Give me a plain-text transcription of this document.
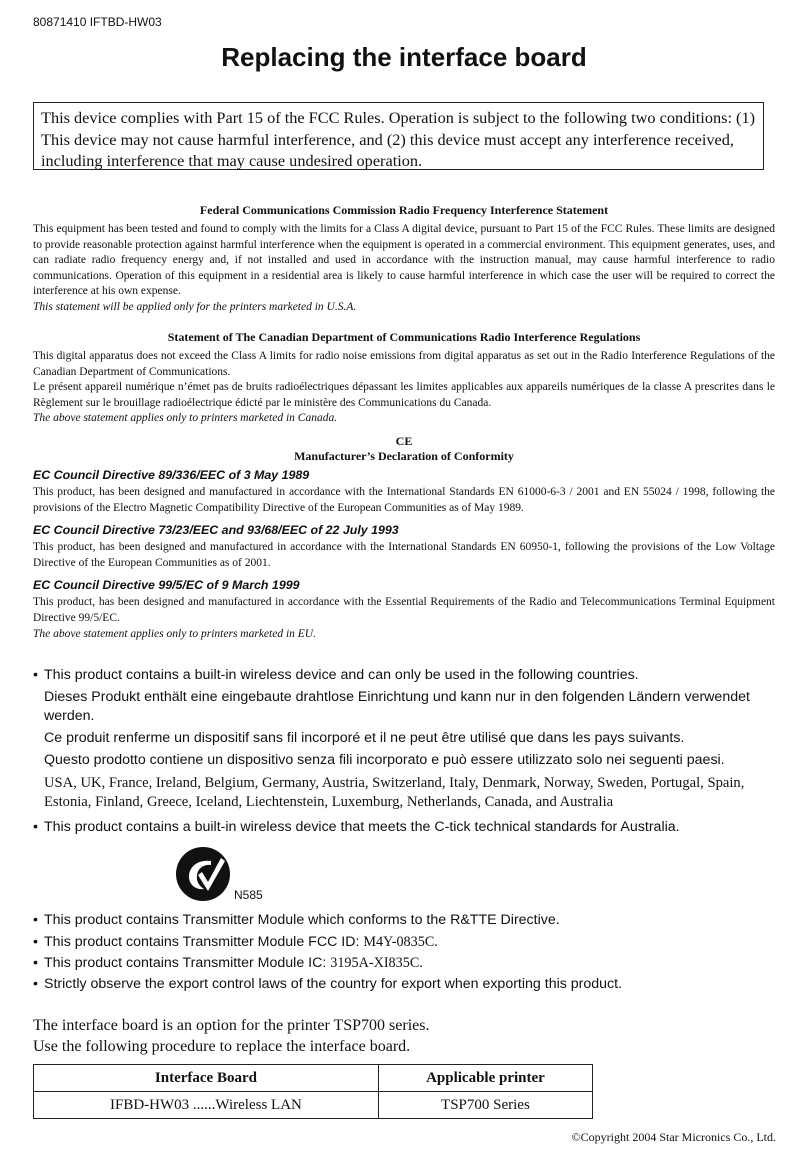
80871410 IFTBD-HW03
Replacing the interface board
This device complies with Part 15 of the FCC Rules. Operation is subject to the following two conditions: (1) This device may not cause harmful interference, and (2) this device must accept any interference received, including interference that may cause undesired operation.
Federal Communications Commission Radio Frequency Interference Statement

This equipment has been tested and found to comply with the limits for a Class A digital device, pursuant to Part 15 of the FCC Rules. These limits are designed to provide reasonable protection against harmful interference when the equipment is operated in a commercial environment. This equipment generates, uses, and can radiate radio frequency energy and, if not installed and used in accordance with the instruction manual, may cause harmful interference to radio communications. Operation of this equipment in a residential area is likely to cause harmful interference in which case the user will be required to correct the interference at his own expense.

This statement will be applied only for the printers marketed in U.S.A.

Statement of The Canadian Department of Communications Radio Interference Regulations

This digital apparatus does not exceed the Class A limits for radio noise emissions from digital apparatus as set out in the Radio Interference Regulations of the Canadian Department of Communications.

Le présent appareil numérique n’émet pas de bruits radioélectriques dépassant les limites applicables aux appareils numériques de la classe A prescrites dans le Règlement sur le brouillage radioélectrique édicté par le ministère des Communications du Canada.

The above statement applies only to printers marketed in Canada.

CE
Manufacturer’s Declaration of Conformity
EC Council Directive 89/336/EEC of 3 May 1989
This product, has been designed and manufactured in accordance with the International Standards EN 61000-6-3 / 2001 and EN 55024 / 1998, following the provisions of the Electro Magnetic Compatibility Directive of the European Communities as of May 1989.
EC Council Directive 73/23/EEC and 93/68/EEC of 22 July 1993
This product, has been designed and manufactured in accordance with the International Standards EN 60950-1, following the provisions of the Low Voltage Directive of the European Communities as of 2001.
EC Council Directive 99/5/EC of 9 March 1999
This product, has been designed and manufactured in accordance with the Essential Requirements of the Radio and Telecommunications Terminal Equipment Directive 99/5/EC.
The above statement applies only to printers marketed in EU.
• This product contains a built-in wireless device and can only be used in the following countries.

Dieses Produkt enthält eine eingebaute drahtlose Einrichtung und kann nur in den folgenden Ländern verwendet werden.

Ce produit renferme un dispositif sans fil incorporé et il ne peut être utilisé que dans les pays suivants.

Questo prodotto contiene un dispositivo senza fili incorporato e può essere utilizzato solo nei seguenti paesi.

USA, UK, France, Ireland, Belgium, Germany, Austria, Switzerland, Italy, Denmark, Norway, Sweden, Portugal, Spain, Estonia, Finland, Greece, Iceland, Liechtenstein, Luxemburg, Netherlands, Canada, and Australia
• This product contains a built-in wireless device that meets the C-tick technical standards for Australia.

N585
• This product contains Transmitter Module which conforms to the R&TTE Directive.

• This product contains Transmitter Module FCC ID: M4Y-0835C.

• This product contains Transmitter Module IC: 3195A-XI835C.

• Strictly observe the export control laws of the country for export when exporting this product.

The interface board is an option for the printer TSP700 series.
Use the following procedure to replace the interface board.
Interface Board	Applicable printer
IFBD-HW03 ......Wireless LAN	TSP700 Series
©Copyright 2004 Star Micronics Co., Ltd.
